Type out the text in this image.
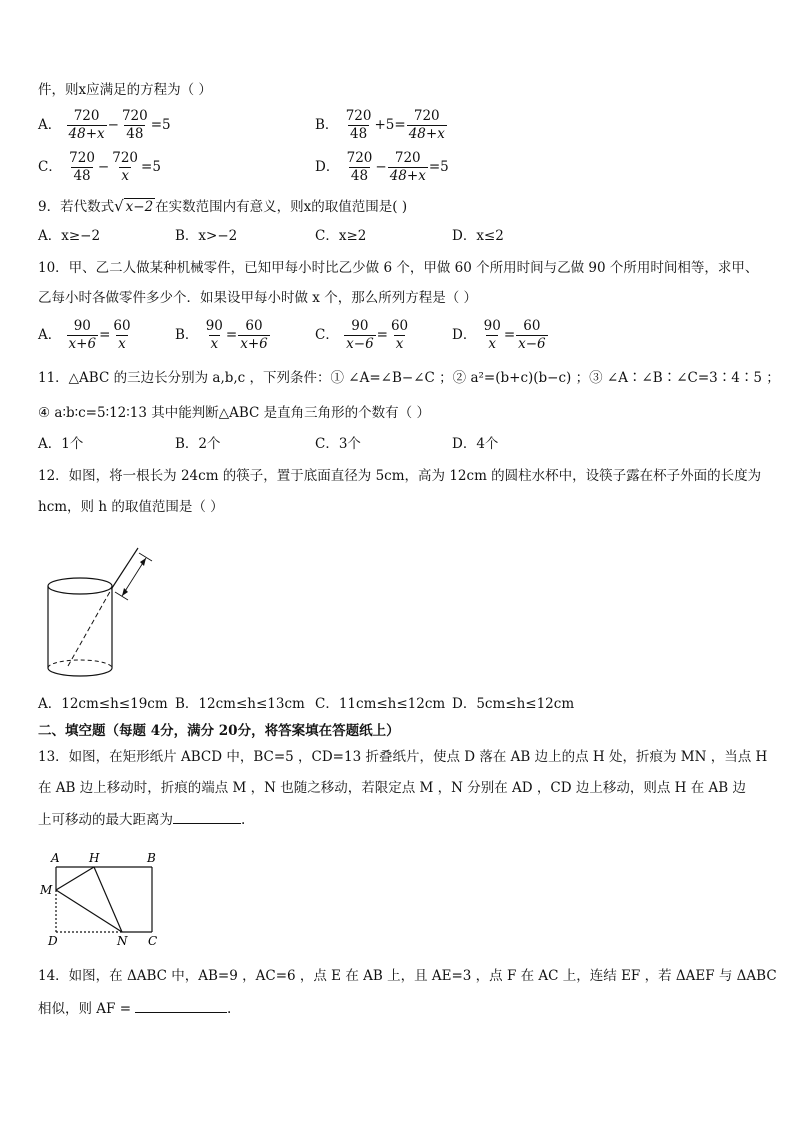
件，则x应满足的方程为（ ）
A． $\frac{720}{48+x} - \frac{720}{48} =5$	B． $\frac{720}{48} +5= \frac{720}{48+x}$
C． $\frac{720}{48} - \frac{720}{x} =5$	D． $\frac{720}{48} - \frac{720}{48+x} =5$
9．若代数式√ x−2 在实数范围内有意义，则x的取值范围是( )
A．x≥−2	B．x>−2	C．x≥2	D．x≤2
10．甲、乙二人做某种机械零件，已知甲每小时比乙少做 6 个，甲做 60 个所用时间与乙做 90 个所用时间相等，求甲、
乙每小时各做零件多少个．如果设甲每小时做 x 个，那么所列方程是（ ）
A． $\frac{90}{x+6} = \frac{60}{x}$	B． $\frac{90}{x} = \frac{60}{x+6}$	C． $\frac{90}{x-6} = \frac{60}{x}$	D． $\frac{90}{x} = \frac{60}{x-6}$
11．△ABC 的三边长分别为 a,b,c ，下列条件：① ∠A=∠B−∠C ；② a²=(b+c)(b−c) ；③ ∠A∶∠B∶∠C=3∶4∶5 ；
④ a∶b∶c=5∶12∶13 其中能判断△ABC 是直角三角形的个数有（ ）
A．1个	B．2个	C．3个	D．4个
12．如图，将一根长为 24cm 的筷子，置于底面直径为 5cm，高为 12cm 的圆柱水杯中，设筷子露在杯子外面的长度为
hcm，则 h 的取值范围是（ ）
A．12cm≤h≤19cm B．12cm≤h≤13cm C．11cm≤h≤12cm D．5cm≤h≤12cm
二、填空题（每题 4分，满分 20分，将答案填在答题纸上）
13．如图，在矩形纸片 ABCD 中，BC=5 ，CD=13 折叠纸片，使点 D 落在 AB 边上的点 H 处，折痕为 MN ，当点 H
在 AB 边上移动时，折痕的端点 M ，N 也随之移动，若限定点 M ，N 分别在 AD ，CD 边上移动，则点 H 在 AB 边
上可移动的最大距离为	.
A H	B
M
D	N C
14．如图，在 ΔABC 中，AB=9 ，AC=6 ，点 E 在 AB 上，且 AE=3 ，点 F 在 AC 上，连结 EF ，若 ΔAEF 与 ΔABC
相似，则 AF =	.
